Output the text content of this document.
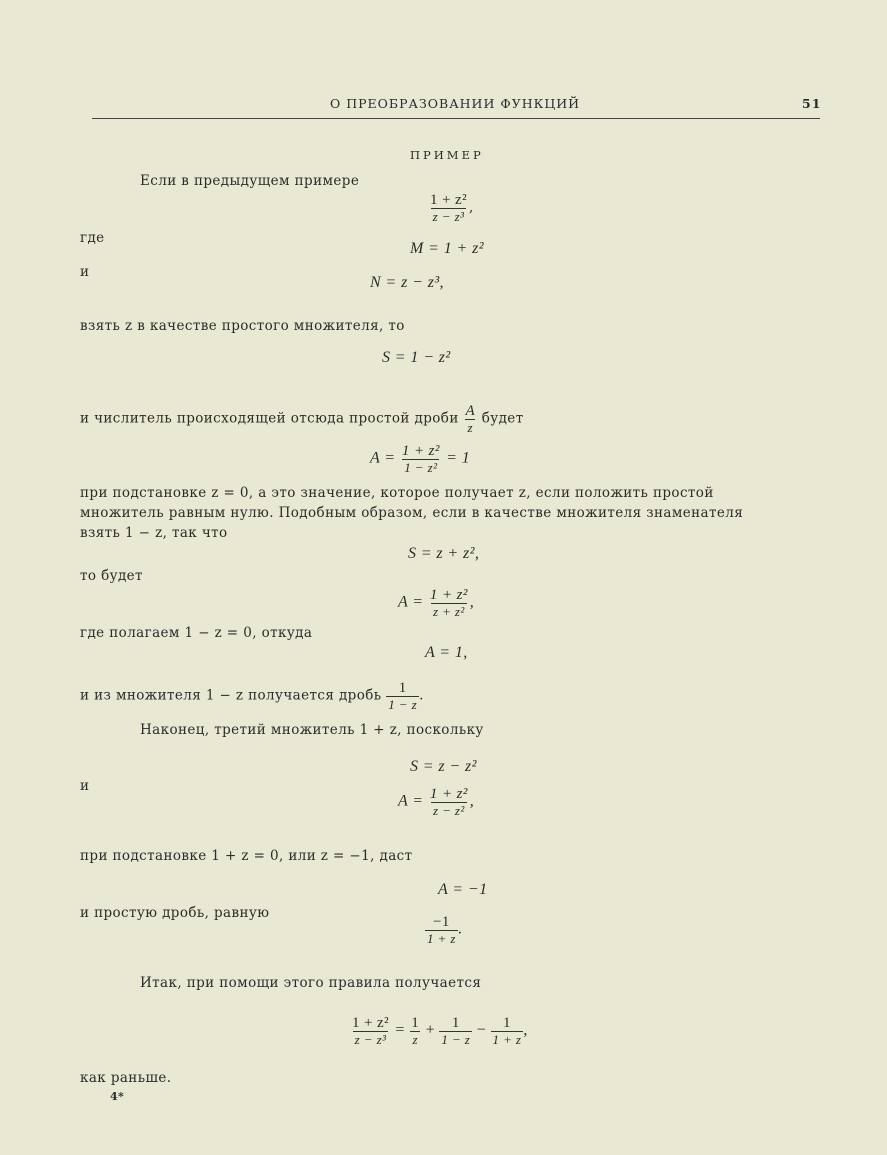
О ПРЕОБРАЗОВАНИИ ФУНКЦИЙ	51
ПРИМЕР
Если в предыдущем примере
$\frac{\text{1 + z²}}{\text{z − z³}}$ ,
где
M = 1 + z²
и
N = z − z³,
взять z в качестве простого множителя, то
S = 1 − z²
и числитель происходящей отсюда простой дроби $\frac{A}{z}$ будет
$A = \frac{\text{1 + z²}}{\text{1 − z²}} = 1$
при подстановке z = 0, а это значение, которое получает z, если положить простой
множитель равным нулю. Подобным образом, если в качестве множителя знаменателя
взять 1 − z, так что
S = z + z²,
то будет
$A = \frac{\text{1 + z²}}{\text{z + z²}}$ ,
где полагаем 1 − z = 0, откуда
A = 1,
и из множителя 1 − z получается дробь $\frac{1}{1 - z}$ .
Наконец, третий множитель 1 + z, поскольку
S = z − z²
и
$A = \frac{\text{1 + z²}}{\text{z − z²}}$ ,
при подстановке 1 + z = 0, или z = −1, даст
A = −1
и простую дробь, равную
$\frac{-1}{1 + z}$ .
Итак, при помощи этого правила получается
$\frac{\text{1 + z²}}{\text{z − z³}} = \frac{1}{z} + \frac{1}{1 - z} - \frac{1}{1 + z}$ ,
как раньше.
4*
